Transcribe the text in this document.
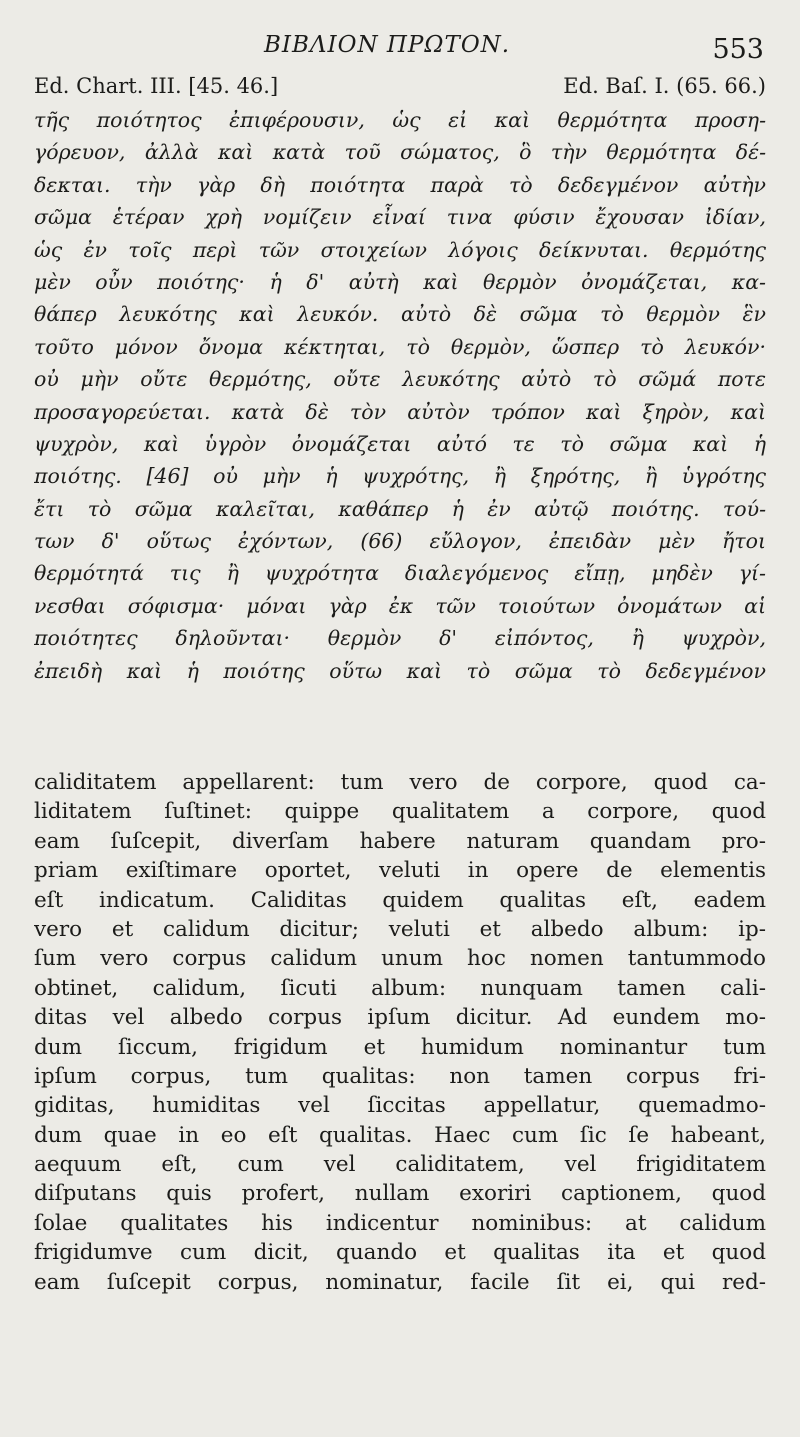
ΒΙΒΛΙΟΝ ΠΡΩΤΟΝ.	553
Ed. Chart. III. [45. 46.]	Ed. Baſ. I. (65. 66.)
τῆς ποιότητος ἐπιφέρουσιν, ὡς εἰ καὶ θερμότητα προση-
γόρευον, ἀλλὰ καὶ κατὰ τοῦ σώματος, ὃ τὴν θερμότητα δέ-
δεκται. τὴν γὰρ δὴ ποιότητα παρὰ τὸ δεδεγμένον αὐτὴν
σῶμα ἑτέραν χρὴ νομίζειν εἶναί τινα φύσιν ἔχουσαν ἰδίαν,
ὡς ἐν τοῖς περὶ τῶν στοιχείων λόγοις δείκνυται. θερμότης
μὲν οὖν ποιότης· ἡ δ' αὐτὴ καὶ θερμὸν ὀνομάζεται, κα-
θάπερ λευκότης καὶ λευκόν. αὐτὸ δὲ σῶμα τὸ θερμὸν ἓν
τοῦτο μόνον ὄνομα κέκτηται, τὸ θερμὸν, ὥσπερ τὸ λευκόν·
οὐ μὴν οὔτε θερμότης, οὔτε λευκότης αὐτὸ τὸ σῶμά ποτε
προσαγορεύεται. κατὰ δὲ τὸν αὐτὸν τρόπον καὶ ξηρὸν, καὶ
ψυχρὸν, καὶ ὑγρὸν ὀνομάζεται αὐτό τε τὸ σῶμα καὶ ἡ
ποιότης. [46] οὐ μὴν ἡ ψυχρότης, ἢ ξηρότης, ἢ ὑγρότης
ἔτι τὸ σῶμα καλεῖται, καθάπερ ἡ ἐν αὐτῷ ποιότης. τού-
των δ' οὕτως ἐχόντων, (66) εὔλογον, ἐπειδὰν μὲν ἤτοι
θερμότητά τις ἢ ψυχρότητα διαλεγόμενος εἴπῃ, μηδὲν γί-
νεσθαι σόφισμα· μόναι γὰρ ἐκ τῶν τοιούτων ὀνομάτων αἱ
ποιότητες δηλοῦνται· θερμὸν δ' εἰπόντος, ἢ ψυχρὸν,
ἐπειδὴ καὶ ἡ ποιότης οὕτω καὶ τὸ σῶμα τὸ δεδεγμένον
caliditatem appellarent: tum vero de corpore, quod ca-
liditatem ſuſtinet: quippe qualitatem a corpore, quod
eam ſuſcepit, diverſam habere naturam quandam pro-
priam exiſtimare oportet, veluti in opere de elementis
eſt indicatum. Caliditas quidem qualitas eſt, eadem
vero et calidum dicitur; veluti et albedo album: ip-
ſum vero corpus calidum unum hoc nomen tantummodo
obtinet, calidum, ſicuti album: nunquam tamen cali-
ditas vel albedo corpus ipſum dicitur. Ad eundem mo-
dum ſiccum, frigidum et humidum nominantur tum
ipſum corpus, tum qualitas: non tamen corpus fri-
giditas, humiditas vel ſiccitas appellatur, quemadmo-
dum quae in eo eſt qualitas. Haec cum ſic ſe habeant,
aequum eſt, cum vel caliditatem, vel frigiditatem
diſputans quis profert, nullam exoriri captionem, quod
ſolae qualitates his indicentur nominibus: at calidum
frigidumve cum dicit, quando et qualitas ita et quod
eam ſuſcepit corpus, nominatur, facile ſit ei, qui red-
